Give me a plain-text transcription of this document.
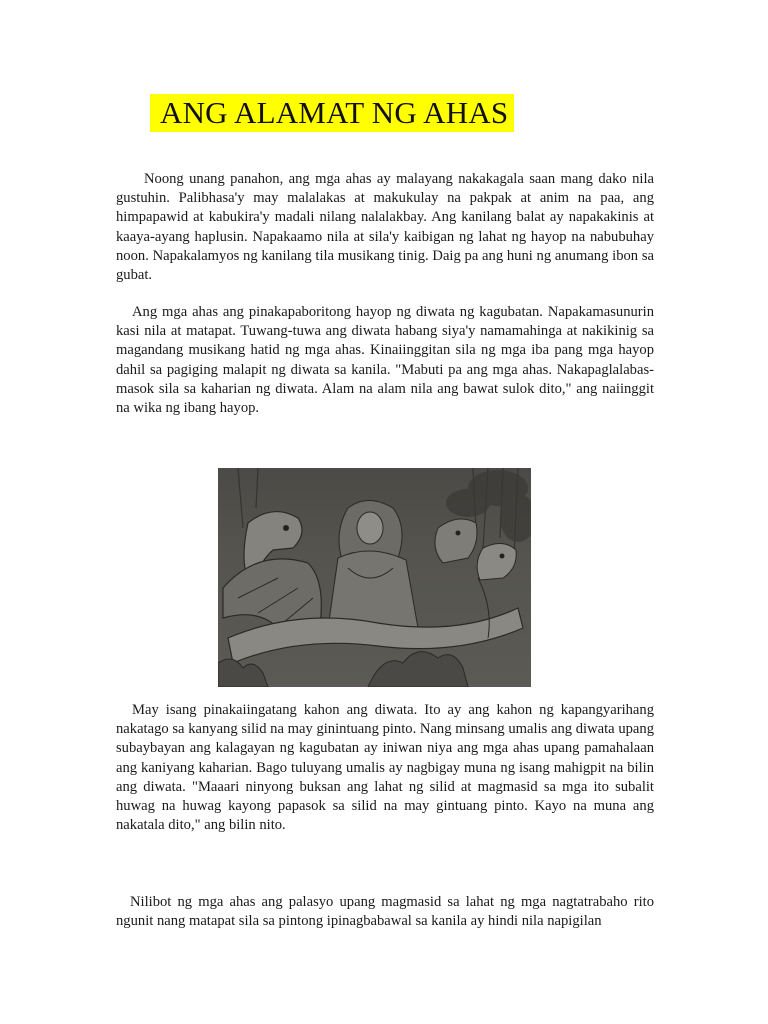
ANG ALAMAT NG AHAS

Noong unang panahon, ang mga ahas ay malayang nakakagala saan mang dako nila gustuhin. Palibhasa'y may malalakas at makukulay na pakpak at anim na paa, ang himpapawid at kabukira'y madali nilang nalalakbay. Ang kanilang balat ay napakakinis at kaaya-ayang haplusin. Napakaamo nila at sila'y kaibigan ng lahat ng hayop na nabubuhay noon. Napakalamyos ng kanilang tila musikang tinig. Daig pa ang huni ng anumang ibon sa gubat.

Ang mga ahas ang pinakapaboritong hayop ng diwata ng kagubatan. Napakamasunurin kasi nila at matapat. Tuwang-tuwa ang diwata habang siya'y namamahinga at nakikinig sa magandang musikang hatid ng mga ahas. Kinaiinggitan sila ng mga iba pang mga hayop dahil sa pagiging malapit ng diwata sa kanila. "Mabuti pa ang mga ahas. Nakapaglalabas-masok sila sa kaharian ng diwata. Alam na alam nila ang bawat sulok dito," ang naiinggit na wika ng ibang hayop.

May isang pinakaiingatang kahon ang diwata. Ito ay ang kahon ng kapangyarihang nakatago sa kanyang silid na may ginintuang pinto. Nang minsang umalis ang diwata upang subaybayan ang kalagayan ng kagubatan ay iniwan niya ang mga ahas upang pamahalaan ang kaniyang kaharian. Bago tuluyang umalis ay nagbigay muna ng isang mahigpit na bilin ang diwata. "Maaari ninyong buksan ang lahat ng silid at magmasid sa mga ito subalit huwag na huwag kayong papasok sa silid na may gintuang pinto. Kayo na muna ang nakatala dito," ang bilin nito.

Nilibot ng mga ahas ang palasyo upang magmasid sa lahat ng mga nagtatrabaho rito ngunit nang matapat sila sa pintong ipinagbabawal sa kanila ay hindi nila napigilan
